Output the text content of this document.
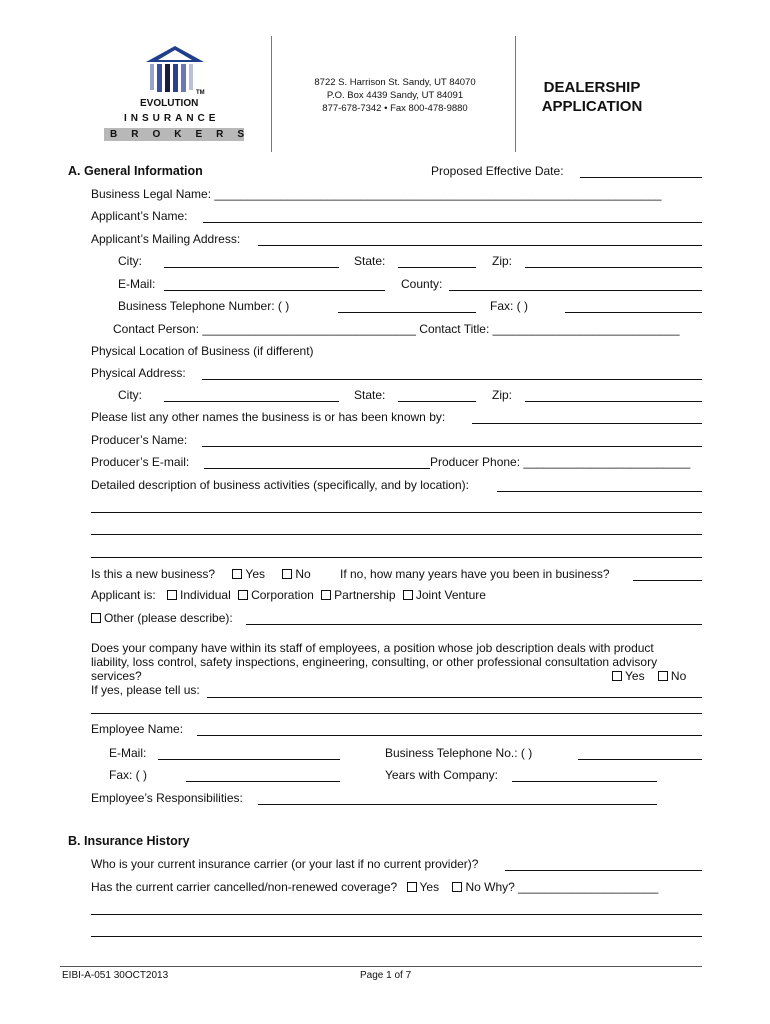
TM
EVOLUTION
INSURANCE
BROKERS
8722 S. Harrison St. Sandy, UT 84070
P.O. Box 4439 Sandy, UT 84091
877-678-7342 • Fax 800-478-9880
DEALERSHIP
APPLICATION
A. General Information	Proposed Effective Date:
Business Legal Name: ___________________________________________________________________
Applicant’s Name:
Applicant’s Mailing Address:
City:	State:	Zip:
E-Mail:	County:
Business Telephone Number: ( )	Fax: ( )
Contact Person: ________________________________ Contact Title: ____________________________
Physical Location of Business (if different)
Physical Address:
City:	State:	Zip:
Please list any other names the business is or has been known by:
Producer’s Name:
Producer’s E-mail:	Producer Phone: _________________________
Detailed description of business activities (specifically, and by location):
Is this a new business?	Yes	No If no, how many years have you been in business?
Applicant is: Individual Corporation Partnership Joint Venture
Other (please describe):
Does your company have within its staff of employees, a position whose job description deals with product
liability, loss control, safety inspections, engineering, consulting, or other professional consultation advisory
services?
If yes, please tell us:
Yes No
Employee Name:
E-Mail:	Business Telephone No.: ( )
Fax: ( )	Years with Company:
Employee’s Responsibilities:
B. Insurance History
Who is your current insurance carrier (or your last if no current provider)?
Has the current carrier cancelled/non-renewed coverage? Yes No Why? _____________________
EIBI-A-051 30OCT2013	Page 1 of 7
